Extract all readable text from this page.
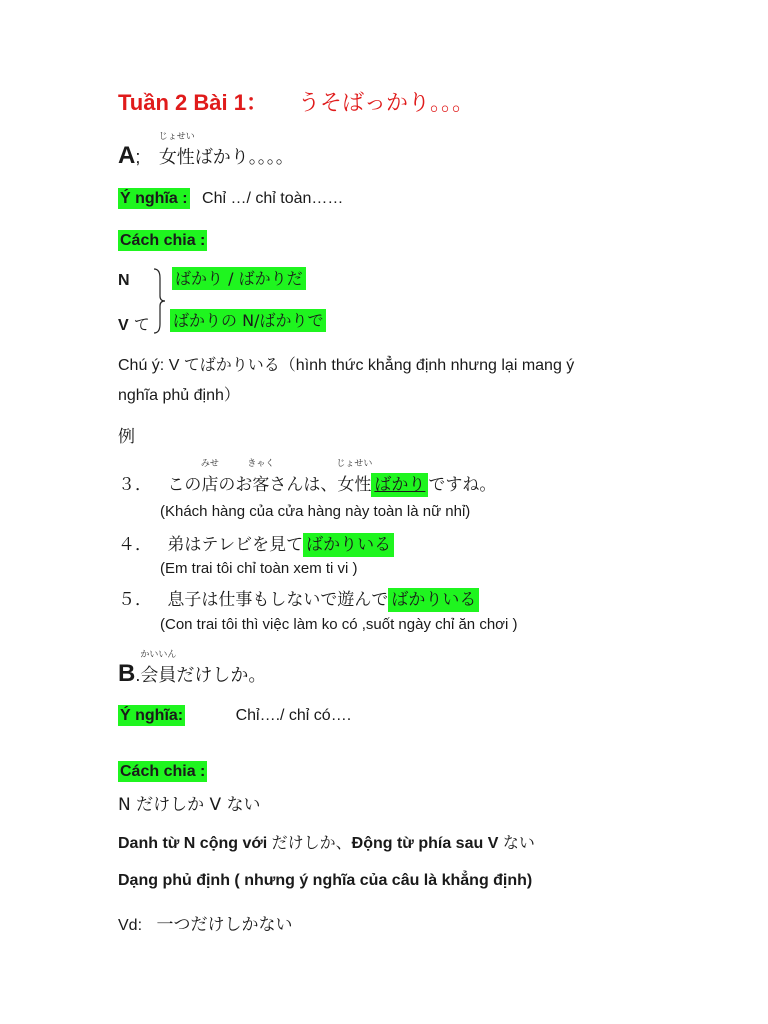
Tuần 2 Bài 1： うそばっかり。。。
A;
じょせい
女性ばかり。。。。
Ý nghĩa : Chỉ …/ chỉ toàn……
Cách chia :
N
V て
ばかり / ばかりだ
ばかりの N/ばかりで
Chú ý: V てばかりいる（hình thức khẳng định nhưng lại mang ý
nghĩa phủ định）
例
３． この
みせ
店のお
きゃく
客さんは、
じょせい
女性 ばかり ですね。
(Khách hàng của cửa hàng này toàn là nữ nhỉ)
４． 弟はテレビを見て ばかりいる
(Em trai tôi chỉ toàn xem ti vi )
５． 息子は仕事もしないで遊んで ばかりいる
(Con trai tôi thì việc làm ko có ,suốt ngày chỉ ăn chơi )
B.
かいいん
会員だけしか。
Ý nghĩa:	Chỉ…./ chỉ có….
Cách chia :
N だけしか V ない
Danh từ N cộng với だけしか、Động từ phía sau V ない
Dạng phủ định ( nhưng ý nghĩa của câu là khẳng định)
Vd: 一つだけしかない
